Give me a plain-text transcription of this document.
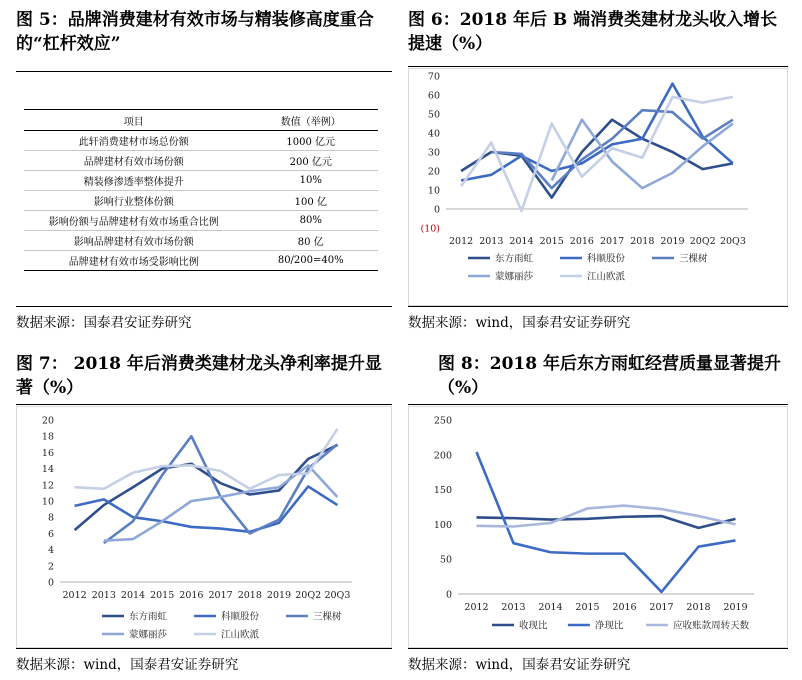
图 5：品牌消费建材有效市场与精装修高度重合的“杠杆效应”
项目	数值（举例）
此轩消费建材市场总份额	1000 亿元
品牌建材有效市场份额	200 亿元
精装修渗透率整体提升	10%
影响行业整体份额	100 亿
影响份额与品牌建材有效市场重合比例	80%
影响品牌建材有效市场份额	80 亿
品牌建材有效市场受影响比例	80/200=40%
数据来源：国泰君安证券研究
图 6：2018 年后 B 端消费类建材龙头收入增长提速（%）
(10)
0
10
20
30
40
50
60
70
2012 2013 2014 2015 2016 2017 2018 2019 20Q2 20Q3
东方雨虹	科顺股份	三棵树
蒙娜丽莎	江山欧派
数据来源：wind，国泰君安证券研究
图 7： 2018 年后消费类建材龙头净利率提升显著（%）
0
2
4
6
8
10
12
14
16
18
20
2012 2013 2014 2015 2016 2017 2018 2019 20Q2 20Q3
东方雨虹	科顺股份	三棵树
蒙娜丽莎	江山欧派
数据来源：wind，国泰君安证券研究
图 8：2018 年后东方雨虹经营质量显著提升（%）
0
50
100
150
200
250
2012 2013 2014 2015 2016 2017 2018 2019
收现比	净现比	应收账款周转天数
数据来源：wind，国泰君安证券研究
